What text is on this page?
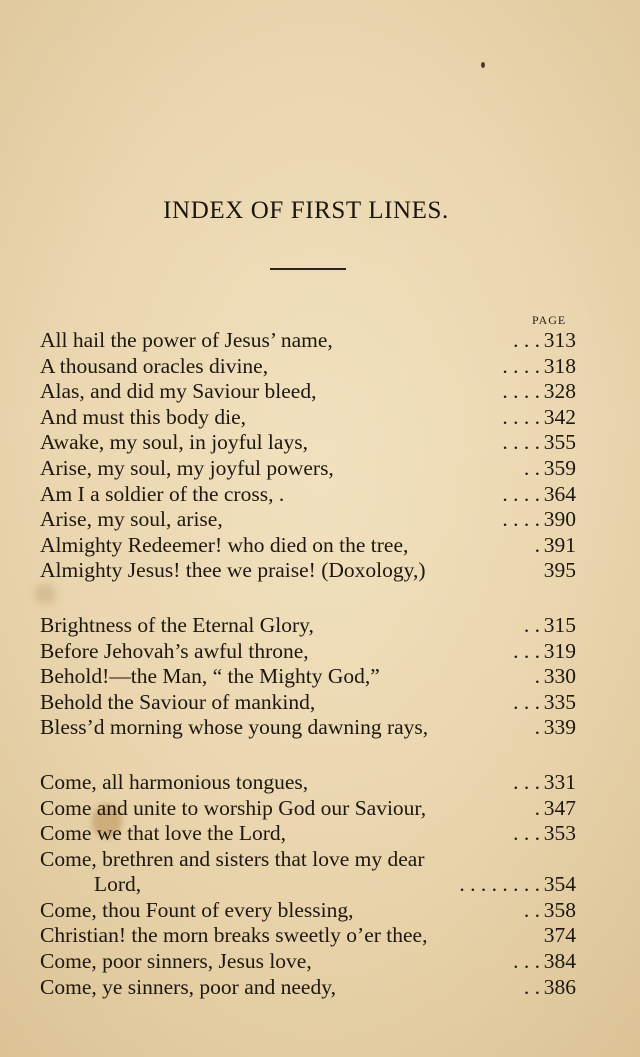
INDEX OF FIRST LINES.
PAGE
All hail the power of Jesus’ name,	. . . 313
A thousand oracles divine,	. . . . 318
Alas, and did my Saviour bleed,	. . . . 328
And must this body die,	. . . . 342
Awake, my soul, in joyful lays,	. . . . 355
Arise, my soul, my joyful powers,	. . 359
Am I a soldier of the cross, .	. . . . 364
Arise, my soul, arise,	. . . . 390
Almighty Redeemer! who died on the tree,	. 391
Almighty Jesus! thee we praise! (Doxology,)	395
Brightness of the Eternal Glory,	. . 315
Before Jehovah’s awful throne,	. . . 319
Behold!—the Man, “ the Mighty God,”	. 330
Behold the Saviour of mankind,	. . . 335
Bless’d morning whose young dawning rays,	. 339
Come, all harmonious tongues,	. . . 331
Come and unite to worship God our Saviour,	. 347
Come we that love the Lord,	. . . 353
Come, brethren and sisters that love my dear
Lord,	. . . . . . . . 354
Come, thou Fount of every blessing,	. . 358
Christian! the morn breaks sweetly o’er thee,	374
Come, poor sinners, Jesus love,	. . . 384
Come, ye sinners, poor and needy,	. . 386
